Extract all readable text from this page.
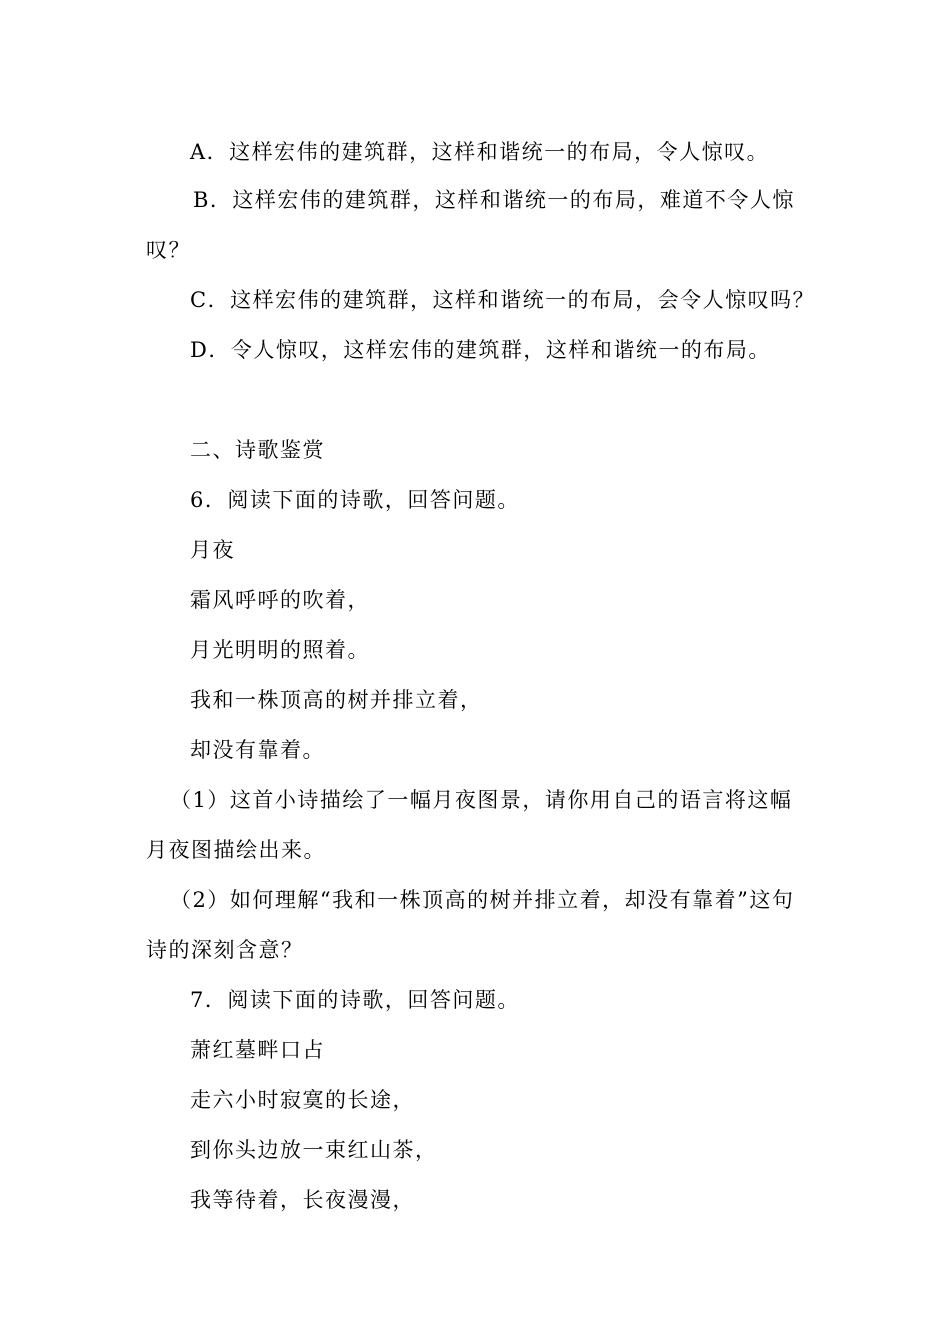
A．这样宏伟的建筑群，这样和谐统一的布局，令人惊叹。
B．这样宏伟的建筑群，这样和谐统一的布局，难道不令人惊叹？
C．这样宏伟的建筑群，这样和谐统一的布局，会令人惊叹吗？
D．令人惊叹，这样宏伟的建筑群，这样和谐统一的布局。
二、诗歌鉴赏
6．阅读下面的诗歌，回答问题。
月夜
霜风呼呼的吹着，
月光明明的照着。
我和一株顶高的树并排立着，
却没有靠着。
（1）这首小诗描绘了一幅月夜图景，请你用自己的语言将这幅月夜图描绘出来。
（2）如何理解“我和一株顶高的树并排立着，却没有靠着”这句诗的深刻含意？
7．阅读下面的诗歌，回答问题。
萧红墓畔口占
走六小时寂寞的长途，
到你头边放一束红山茶，
我等待着，长夜漫漫，
